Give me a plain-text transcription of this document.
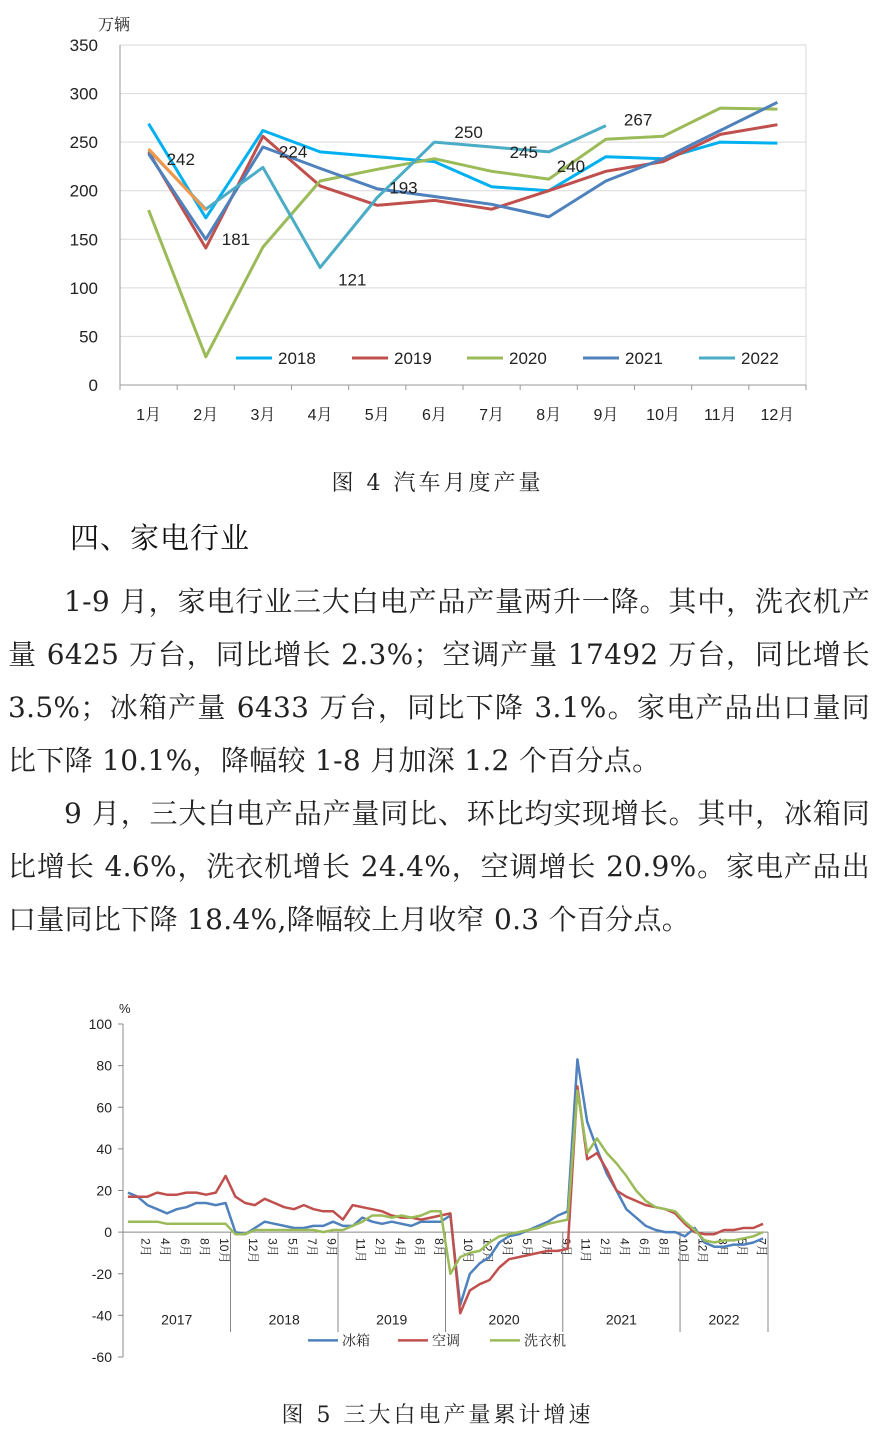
0
50
100
150
200
250
300
350
万辆
1月 2月 3月 4月 5月 6月 7月 8月 9月 10月 11月 12月
242
181
224
121
193
250
245
240
267
2018	2019	2020	2021	2022
图 4 汽车月度产量
四、家电行业
1-9 月，家电行业三大白电产品产量两升一降。其中，洗衣机产量 6425 万台，同比增长 2.3%；空调产量 17492 万台，同比增长 3.5%；冰箱产量 6433 万台，同比下降 3.1%。家电产品出口量同比下降 10.1%，降幅较 1-8 月加深 1.2 个百分点。
9 月，三大白电产品产量同比、环比均实现增长。其中，冰箱同比增长 4.6%，洗衣机增长 24.4%，空调增长 20.9%。家电产品出口量同比下降 18.4%,降幅较上月收窄 0.3 个百分点。
%
-60
-40
-20
0
20
40
60
80
100
2月 4月 6月 8月 10月 12月 3月 5月 7月 9月 11月 2月 4月 6月 8月 10月 12月 3月 5月 7月 9月 11月 2月 4月 6月 8月 10月 12月 3月 5月 7月
2017	2018	2019	2020	2021	2022
冰箱	空调	洗衣机
图 5 三大白电产量累计增速
